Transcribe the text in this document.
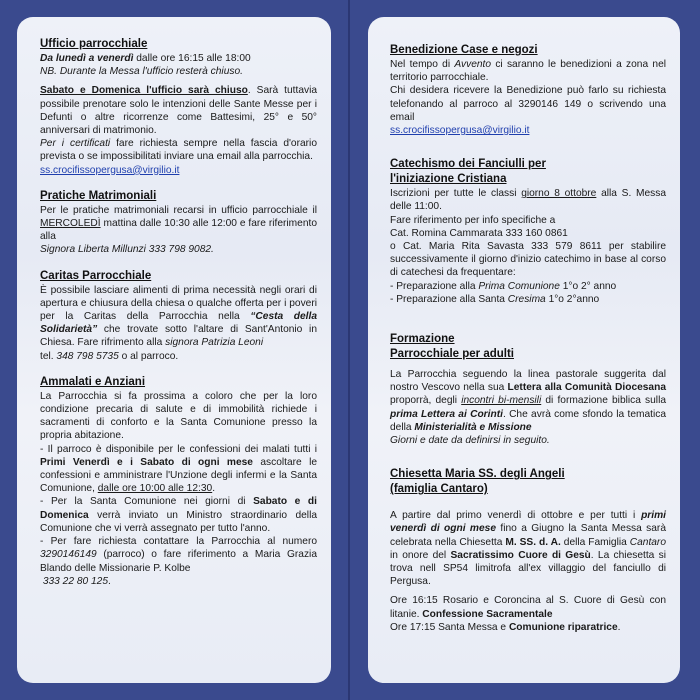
Ufficio parrocchiale

Da lunedì a venerdì dalle ore 16:15 alle 18:00

NB. Durante la Messa l'ufficio resterà chiuso.

Sabato e Domenica l'ufficio sarà chiuso. Sarà tuttavia possibile prenotare solo le intenzioni delle Sante Messe per i Defunti o altre ricorrenze come Battesimi, 25° e 50° anniversari di matrimonio.

Per i certificati fare richiesta sempre nella fascia d'orario prevista o se impossibilitati inviare una email alla parrocchia.

ss.crocifissopergusa@virgilio.it

Pratiche Matrimoniali

Per le pratiche matrimoniali recarsi in ufficio parrocchiale il MERCOLEDÌ mattina dalle 10:30 alle 12:00 e fare riferimento alla

Signora Liberta Millunzi 333 798 9082.

Caritas Parrocchiale

È possibile lasciare alimenti di prima necessità negli orari di apertura e chiusura della chiesa o qualche offerta per i poveri per la Caritas della Parrocchia nella “Cesta della Solidarietà” che trovate sotto l'altare di Sant'Antonio in Chiesa. Fare rifrimento alla signora Patrizia Leoni

tel. 348 798 5735 o al parroco.

Ammalati e Anziani

La Parrocchia si fa prossima a coloro che per la loro condizione precaria di salute e di immobilità richiede i sacramenti di conforto e la Santa Comunione presso la propria abitazione.

- Il parroco è disponibile per le confessioni dei malati tutti i Primi Venerdì e i Sabato di ogni mese ascoltare le confessioni e amministrare l'Unzione degli infermi e la Santa Comunione, dalle ore 10:00 alle 12:30.

- Per la Santa Comunione nei giorni di Sabato e di Domenica verrà inviato un Ministro straordinario della Comunione che vi verrà assegnato per tutto l'anno.

- Per fare richiesta contattare la Parrocchia al numero 3290146149 (parroco) o fare riferimento a Maria Grazia Blando delle Missionarie P. Kolbe
333 22 80 125.

Benedizione Case e negozi

Nel tempo di Avvento ci saranno le benedizioni a zona nel territorio parrocchiale.

Chi desidera ricevere la Benedizione può farlo su richiesta telefonando al parroco al 3290146 149 o scrivendo una email

ss.crocifissopergusa@virgilio.it

Catechismo dei Fanciulli per
l'iniziazione Cristiana

Iscrizioni per tutte le classi giorno 8 ottobre alla S. Messa delle 11:00.

Fare riferimento per info specifiche a

Cat. Romina Cammarata 333 160 0861

o Cat. Maria Rita Savasta 333 579 8611 per stabilire successivamente il giorno d'inizio catechimo in base al corso di catechesi da frequentare:

- Preparazione alla Prima Comunione 1°o 2° anno

- Preparazione alla Santa Cresima 1°o 2°anno

Formazione
Parrocchiale per adulti

La Parrocchia seguendo la linea pastorale suggerita dal nostro Vescovo nella sua Lettera alla Comunità Diocesana proporrà, degli incontri bi-mensili di formazione biblica sulla prima Lettera ai Corinti. Che avrà come sfondo la tematica della Ministerialità e Missione

Giorni e date da definirsi in seguito.

Chiesetta Maria SS. degli Angeli
(famiglia Cantaro)

A partire dal primo venerdì di ottobre e per tutti i primi venerdì di ogni mese fino a Giugno la Santa Messa sarà celebrata nella Chiesetta M. SS. d. A. della Famiglia Cantaro in onore del Sacratissimo Cuore di Gesù. La chiesetta si trova nell SP54 limitrofa all'ex villaggio del fanciullo di Pergusa.

Ore 16:15 Rosario e Coroncina al S. Cuore di Gesù con litanie. Confessione Sacramentale

Ore 17:15 Santa Messa e Comunione riparatrice.
